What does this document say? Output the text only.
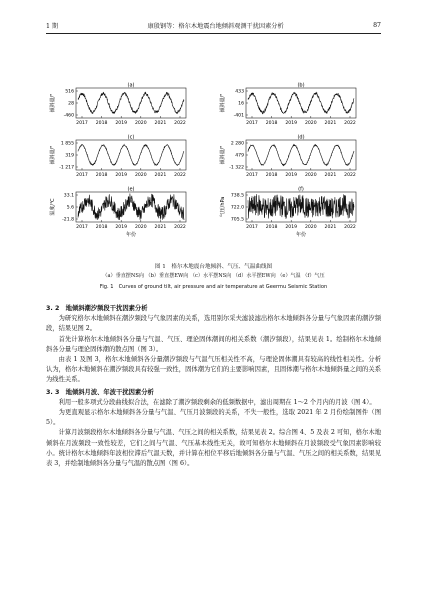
1 期	康殷钢等：格尔木地震台地倾斜观测干扰因素分析	87
(a)
倾斜量/"
516
28
-460
2017 2018 2019 2020 2021 2022
(b)
倾斜量/"
433
16
-401
2017 2018 2019 2020 2021 2022
(c)
倾斜量/"
1 855
319
-1 217
2017 2018 2019 2020 2021 2022
(d)
倾斜量/"
2 280
479
-1 322
2017 2018 2019 2020 2021 2022
(e)
温度/℃
33.1
5.6
-21.8
2017 2018 2019 2020 2021 2022
年份
(f)
气压/hPa
738.5
722.0
705.5
2017 2018 2019 2020 2021 2022
年份
图 1　格尔木地震台地倾斜、气压、气温曲线图
（a）垂直摆NS向 （b）垂直摆EW向 （c）水平摆NS向 （d）水平摆EW向 （e）气温 （f）气压
Fig. 1　Curves of ground tilt, air pressure and air temperature at Geermu Seismic Station
3. 2　地倾斜潮汐频段干扰因素分析

为研究格尔木地倾斜在潮汐频段与气象因素的关系，选用别尔采夫滤波滤出格尔木地倾斜各分量与气象因素的潮汐频段，结果见图 2。

首先计算格尔木地倾斜各分量与气温、气压、理论固体潮间的相关系数（潮汐频段），结果见表 1。绘制格尔木地倾斜各分量与理论固体潮的散点图（图 3）。

由表 1 及图 3，格尔木地倾斜各分量潮汐频段与气温气压相关性不高，与理论固体潮具有较高的线性相关性。分析认为，格尔木地倾斜在潮汐频段具有较强一致性，固体潮为它们的主要影响因素，且固体潮与格尔木地倾斜量之间的关系为线性关系。

3. 3　地倾斜月波、年波干扰因素分析

利用一般多项式分段曲线拟合法，在滤除了潮汐频段剩余的低频数据中，滤出周期在 1～2 个月内的月波（图 4）。

为更直观显示格尔木地倾斜各分量与气温、气压月波频段的关系，不失一般性，选取 2021 年 2 月份绘制图件（图 5）。

计算月波频段格尔木地倾斜各分量与气温、气压之间的相关系数，结果见表 2。综合图 4、5 及表 2 可知，格尔木地倾斜在月波频段一致性较差，它们之间与气温、气压基本线性无关，故可知格尔木地倾斜在月波频段受气象因素影响较小。统计格尔木地倾斜年波相位滞后气温天数，并计算在相位平移后地倾斜各分量与气温、气压之间的相关系数，结果见表 3，并绘制地倾斜各分量与气温的散点图（图 6）。
